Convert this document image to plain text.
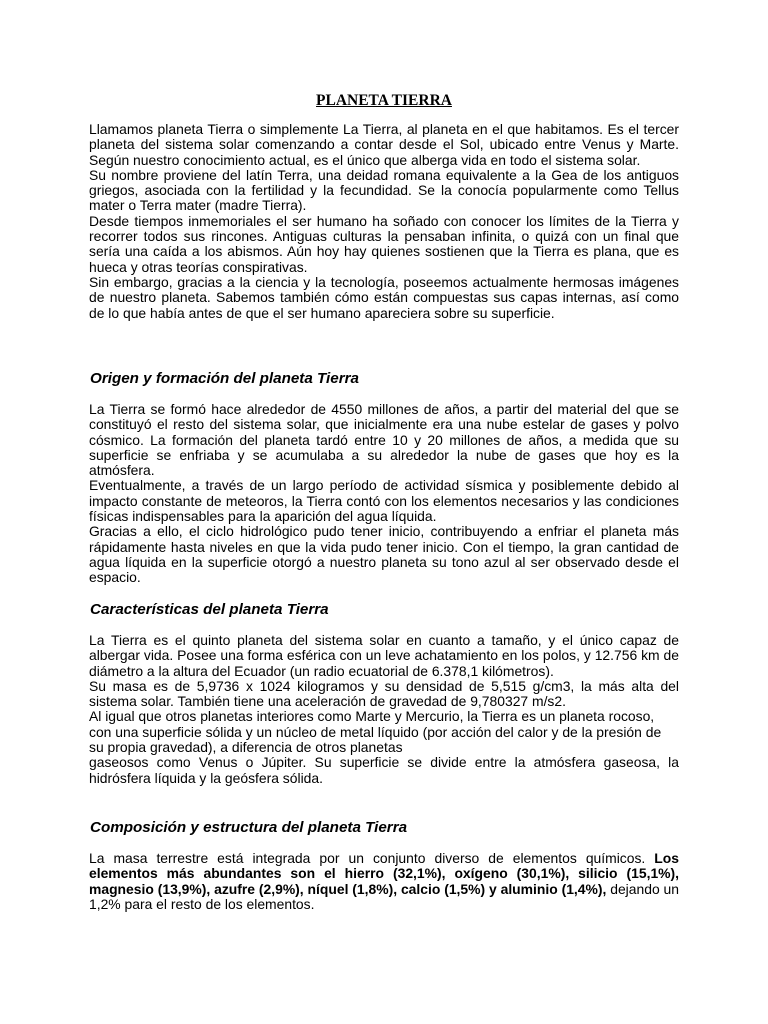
PLANETA TIERRA

Llamamos planeta Tierra o simplemente La Tierra, al planeta en el que habitamos. Es el tercer planeta del sistema solar comenzando a contar desde el Sol, ubicado entre Venus y Marte. Según nuestro conocimiento actual, es el único que alberga vida en todo el sistema solar.

Su nombre proviene del latín Terra, una deidad romana equivalente a la Gea de los antiguos griegos, asociada con la fertilidad y la fecundidad. Se la conocía popularmente como Tellus mater o Terra mater (madre Tierra).

Desde tiempos inmemoriales el ser humano ha soñado con conocer los límites de la Tierra y recorrer todos sus rincones. Antiguas culturas la pensaban infinita, o quizá con un final que sería una caída a los abismos. Aún hoy hay quienes sostienen que la Tierra es plana, que es hueca y otras teorías conspirativas.

Sin embargo, gracias a la ciencia y la tecnología, poseemos actualmente hermosas imágenes de nuestro planeta. Sabemos también cómo están compuestas sus capas internas, así como de lo que había antes de que el ser humano apareciera sobre su superficie.

Origen y formación del planeta Tierra

La Tierra se formó hace alrededor de 4550 millones de años, a partir del material del que se constituyó el resto del sistema solar, que inicialmente era una nube estelar de gases y polvo cósmico. La formación del planeta tardó entre 10 y 20 millones de años, a medida que su superficie se enfriaba y se acumulaba a su alrededor la nube de gases que hoy es la atmósfera.

Eventualmente, a través de un largo período de actividad sísmica y posiblemente debido al impacto constante de meteoros, la Tierra contó con los elementos necesarios y las condiciones físicas indispensables para la aparición del agua líquida.

Gracias a ello, el ciclo hidrológico pudo tener inicio, contribuyendo a enfriar el planeta más rápidamente hasta niveles en que la vida pudo tener inicio. Con el tiempo, la gran cantidad de agua líquida en la superficie otorgó a nuestro planeta su tono azul al ser observado desde el espacio.

Características del planeta Tierra

La Tierra es el quinto planeta del sistema solar en cuanto a tamaño, y el único capaz de albergar vida. Posee una forma esférica con un leve achatamiento en los polos, y 12.756 km de diámetro a la altura del Ecuador (un radio ecuatorial de 6.378,1 kilómetros).

Su masa es de 5,9736 x 1024 kilogramos y su densidad de 5,515 g/cm3, la más alta del sistema solar. También tiene una aceleración de gravedad de 9,780327 m/s2.

Al igual que otros planetas interiores como Marte y Mercurio, la Tierra es un planeta rocoso, con una superficie sólida y un núcleo de metal líquido (por acción del calor y de la presión de su propia gravedad), a diferencia de otros planetas

gaseosos como Venus o Júpiter. Su superficie se divide entre la atmósfera gaseosa, la hidrósfera líquida y la geósfera sólida.

Composición y estructura del planeta Tierra

La masa terrestre está integrada por un conjunto diverso de elementos químicos. Los elementos más abundantes son el hierro (32,1%), oxígeno (30,1%), silicio (15,1%), magnesio (13,9%), azufre (2,9%), níquel (1,8%), calcio (1,5%) y aluminio (1,4%), dejando un 1,2% para el resto de los elementos.
